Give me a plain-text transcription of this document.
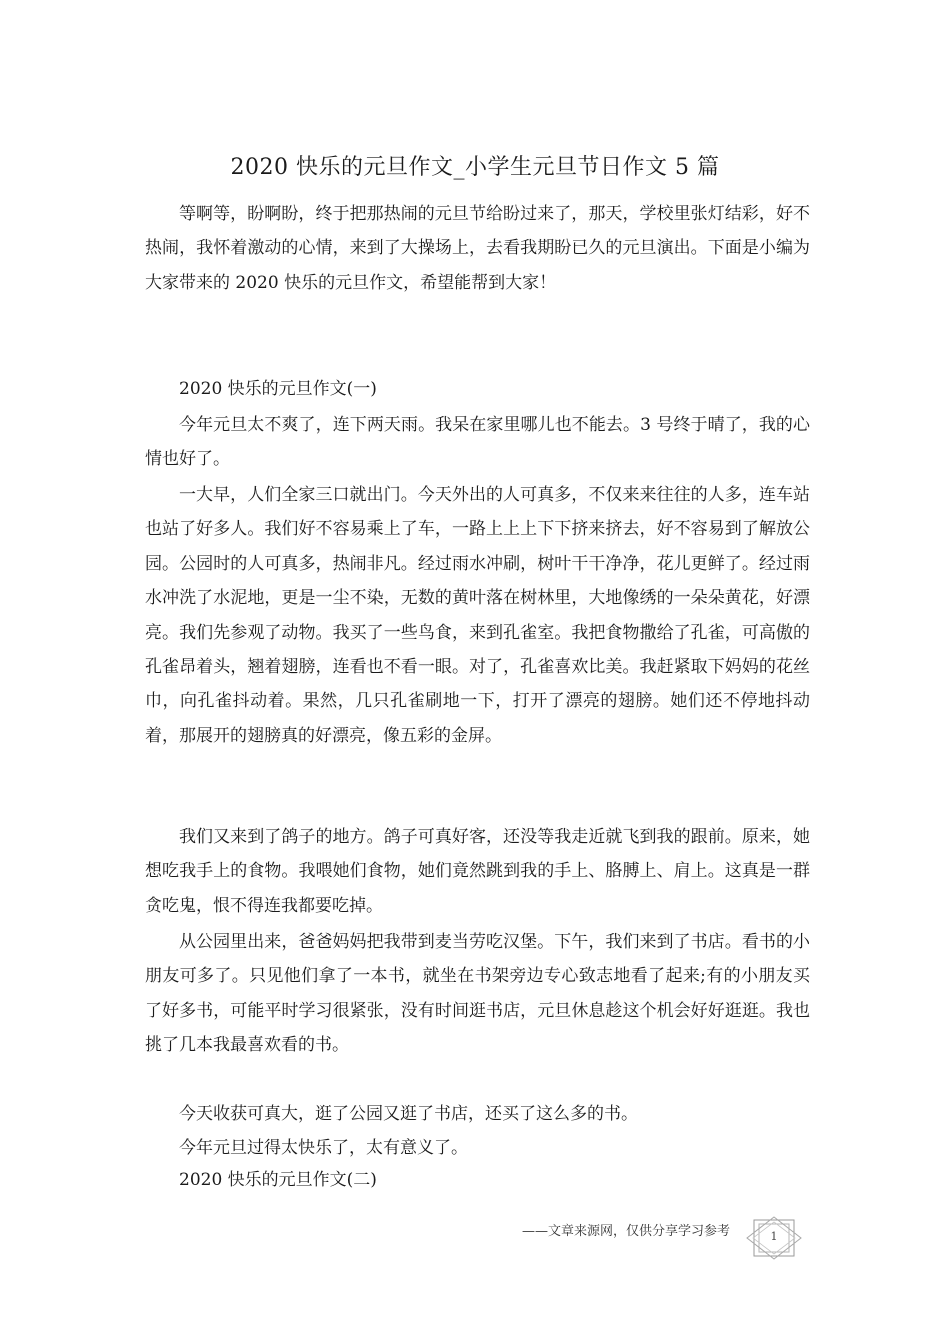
2020 快乐的元旦作文_小学生元旦节日作文 5 篇

等啊等，盼啊盼，终于把那热闹的元旦节给盼过来了，那天，学校里张灯结彩，好不热闹，我怀着激动的心情，来到了大操场上，去看我期盼已久的元旦演出。下面是小编为大家带来的 2020 快乐的元旦作文，希望能帮到大家！

2020 快乐的元旦作文(一)

今年元旦太不爽了，连下两天雨。我呆在家里哪儿也不能去。3 号终于晴了，我的心情也好了。

一大早，人们全家三口就出门。今天外出的人可真多，不仅来来往往的人多，连车站也站了好多人。我们好不容易乘上了车，一路上上上下下挤来挤去，好不容易到了解放公园。公园时的人可真多，热闹非凡。经过雨水冲刷，树叶干干净净，花儿更鲜了。经过雨水冲洗了水泥地，更是一尘不染，无数的黄叶落在树林里，大地像绣的一朵朵黄花，好漂亮。我们先参观了动物。我买了一些鸟食，来到孔雀室。我把食物撒给了孔雀，可高傲的孔雀昂着头，翘着翅膀，连看也不看一眼。对了，孔雀喜欢比美。我赶紧取下妈妈的花丝巾，向孔雀抖动着。果然，几只孔雀刷地一下，打开了漂亮的翅膀。她们还不停地抖动着，那展开的翅膀真的好漂亮，像五彩的金屏。

我们又来到了鸽子的地方。鸽子可真好客，还没等我走近就飞到我的跟前。原来，她想吃我手上的食物。我喂她们食物，她们竟然跳到我的手上、胳膊上、肩上。这真是一群贪吃鬼，恨不得连我都要吃掉。

从公园里出来，爸爸妈妈把我带到麦当劳吃汉堡。下午，我们来到了书店。看书的小朋友可多了。只见他们拿了一本书，就坐在书架旁边专心致志地看了起来;有的小朋友买了好多书，可能平时学习很紧张，没有时间逛书店，元旦休息趁这个机会好好逛逛。我也挑了几本我最喜欢看的书。

今天收获可真大，逛了公园又逛了书店，还买了这么多的书。

今年元旦过得太快乐了，太有意义了。

2020 快乐的元旦作文(二)

——文章来源网，仅供分享学习参考	1
